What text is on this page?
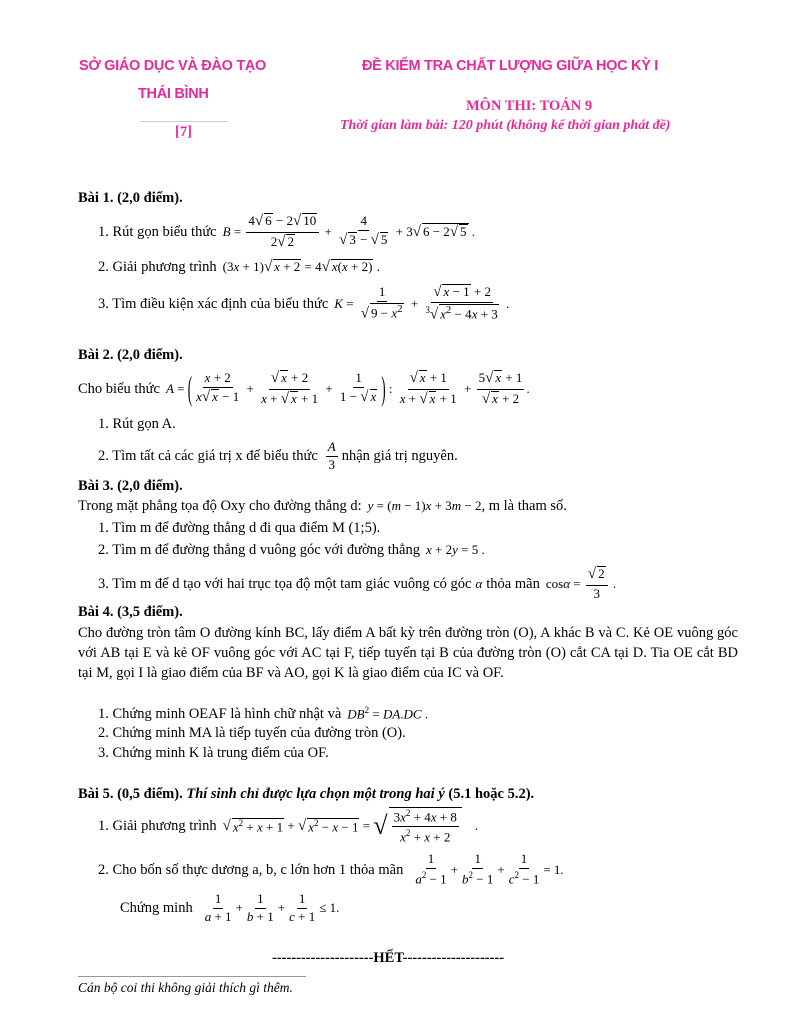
SỞ GIÁO DỤC VÀ ĐÀO TẠO
THÁI BÌNH
[7]
ĐỀ KIỂM TRA CHẤT LƯỢNG GIỮA HỌC KỲ I
MÔN THI: TOÁN 9
Thời gian làm bài: 120 phút (không kể thời gian phát đề)
Bài 1. (2,0 điểm).
1. Rút gọn biểu thức $B = \frac{4√ 6 - 2√ 10}{2√ 2} + \frac{4}{√ 3 - √ 5} + 3$ √ 6 − 2√ 5 .
2. Giải phương trình (3x + 1)√ x + 2 = 4√ x(x + 2) .
3. Tìm điều kiện xác định của biểu thức $K = \frac{1}{√ 9 - x^2} + \frac{√ x - 1 + 2}{^3√ x^2 - 4x + 3}$ .
Bài 2. (2,0 điểm).
Cho biểu thức A = ( $\frac{x + 2}{x√ x - 1} + \frac{√ x + 2}{x + √ x + 1} + \frac{1}{1 - √ x}$ ) : $\frac{√ x + 1}{x + √ x + 1} + \frac{5√ x + 1}{√ x + 2}$ .
1. Rút gọn A.
2. Tìm tất cả các giá trị x để biểu thức $\frac{A}{3}$ nhận giá trị nguyên.
Bài 3. (2,0 điểm).
Trong mặt phẳng tọa độ Oxy cho đường thẳng d: y = (m − 1)x + 3m − 2 , m là tham số.
1. Tìm m để đường thẳng d đi qua điểm M (1;5).
2. Tìm m để đường thẳng d vuông góc với đường thẳng x + 2y = 5 .
3. Tìm m để d tạo với hai trục tọa độ một tam giác vuông có góc α thỏa mãn $\cos \alpha = \frac{√ 2}{3}$ .
Bài 4. (3,5 điểm).
Cho đường tròn tâm O đường kính BC, lấy điểm A bất kỳ trên đường tròn (O), A khác B và C. Kẻ OE vuông góc với AB tại E và kẻ OF vuông góc với AC tại F, tiếp tuyến tại B của đường tròn (O) cắt CA tại D. Tia OE cắt BD tại M, gọi I là giao điểm của BF và AO, gọi K là giao điểm của IC và OF.
1. Chứng minh OEAF là hình chữ nhật và $DB^2 = DA.DC$ .
2. Chứng minh MA là tiếp tuyến của đường tròn (O).
3. Chứng minh K là trung điểm của OF.
Bài 5. (0,5 điểm). Thí sinh chỉ được lựa chọn một trong hai ý (5.1 hoặc 5.2).
1. Giải phương trình √ $x^2 + x + 1$ + √ $x^2 - x - 1$ = √ $\frac{3x^2 + 4x + 8}{x^2 + x + 2}$ .
2. Cho bốn số thực dương a, b, c lớn hơn 1 thỏa mãn $\frac{1}{a^2 - 1} + \frac{1}{b^2 - 1} + \frac{1}{c^2 - 1} = 1$.
Chứng minh $\frac{1}{a + 1} + \frac{1}{b + 1} + \frac{1}{c + 1} \le 1$.
---------------------HẾT---------------------
Cán bộ coi thi không giải thích gì thêm.
